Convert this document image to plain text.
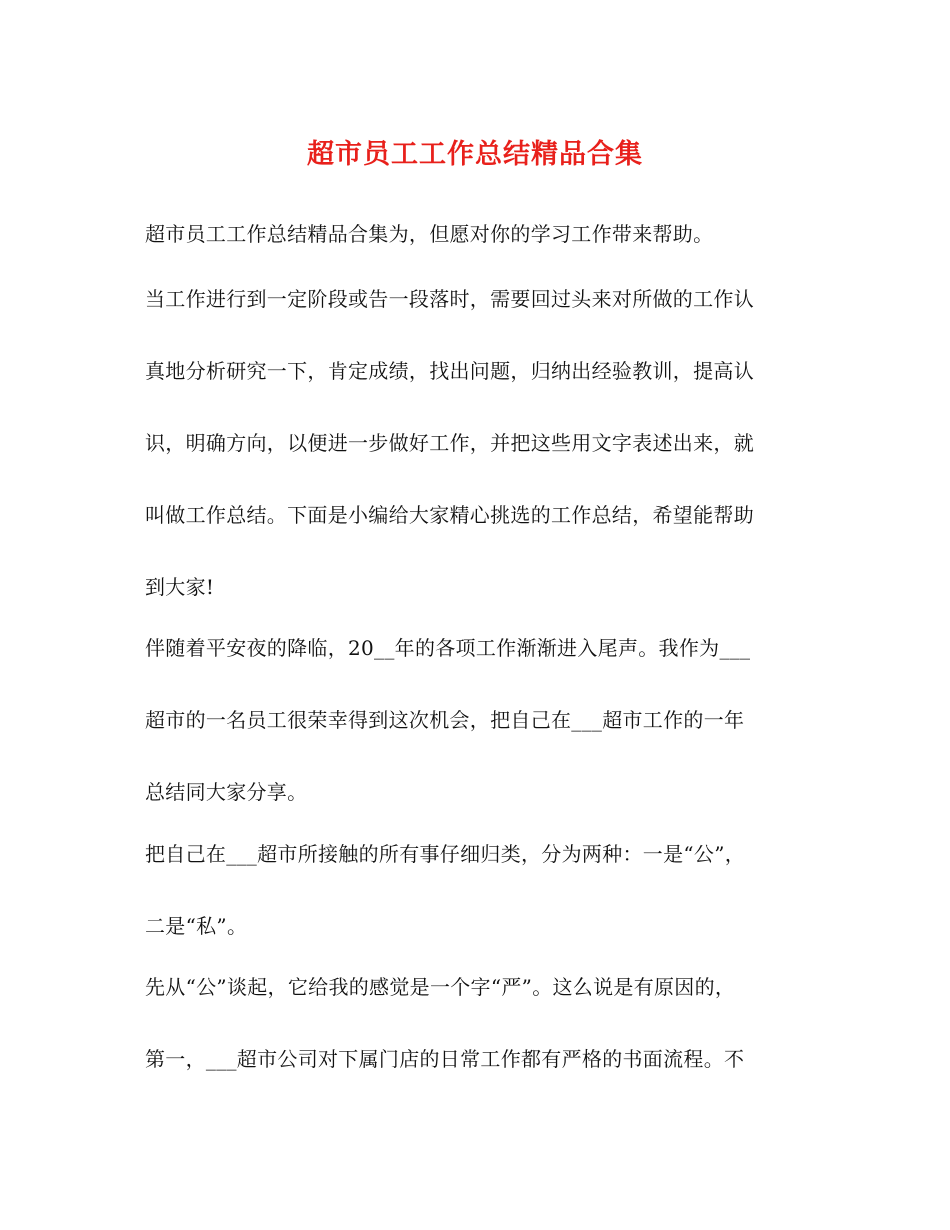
超市员工工作总结精品合集
超市员工工作总结精品合集为，但愿对你的学习工作带来帮助。
当工作进行到一定阶段或告一段落时，需要回过头来对所做的工作认
真地分析研究一下，肯定成绩，找出问题，归纳出经验教训，提高认
识，明确方向，以便进一步做好工作，并把这些用文字表述出来，就
叫做工作总结。下面是小编给大家精心挑选的工作总结，希望能帮助
到大家!
伴随着平安夜的降临，20__年的各项工作渐渐进入尾声。我作为___
超市的一名员工很荣幸得到这次机会，把自己在___超市工作的一年
总结同大家分享。
把自己在___超市所接触的所有事仔细归类，分为两种：一是“公”，
二是“私”。
先从“公”谈起，它给我的感觉是一个字“严”。这么说是有原因的，
第一，___超市公司对下属门店的日常工作都有严格的书面流程。不
